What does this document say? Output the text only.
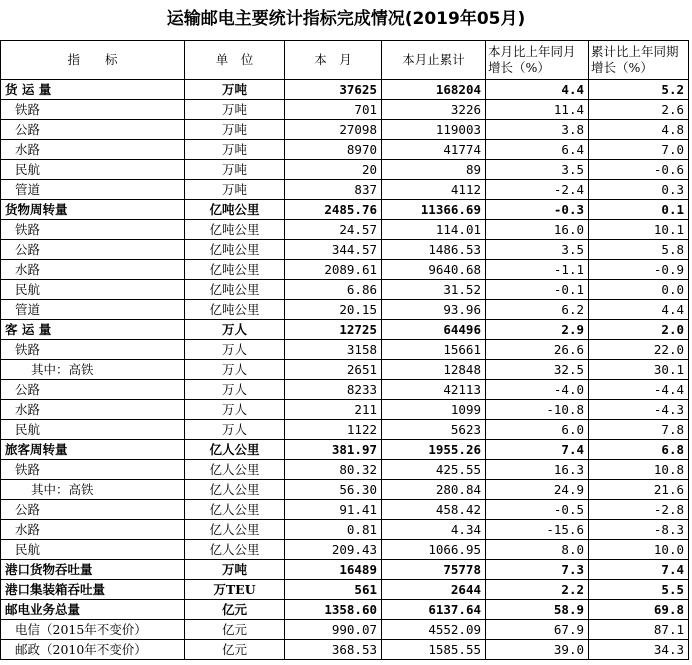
运输邮电主要统计指标完成情况(2019年05月)
指　　标	单　位	本　月	本月止累计	本月比上年同月增长（%）	累计比上年同期增长（%）
货 运 量	万吨	37625	168204	4.4	5.2
铁路	万吨	701	3226	11.4	2.6
公路	万吨	27098	119003	3.8	4.8
水路	万吨	8970	41774	6.4	7.0
民航	万吨	20	89	3.5	-0.6
管道	万吨	837	4112	-2.4	0.3
货物周转量	亿吨公里	2485.76	11366.69	-0.3	0.1
铁路	亿吨公里	24.57	114.01	16.0	10.1
公路	亿吨公里	344.57	1486.53	3.5	5.8
水路	亿吨公里	2089.61	9640.68	-1.1	-0.9
民航	亿吨公里	6.86	31.52	-0.1	0.0
管道	亿吨公里	20.15	93.96	6.2	4.4
客 运 量	万人	12725	64496	2.9	2.0
铁路	万人	3158	15661	26.6	22.0
其中：高铁	万人	2651	12848	32.5	30.1
公路	万人	8233	42113	-4.0	-4.4
水路	万人	211	1099	-10.8	-4.3
民航	万人	1122	5623	6.0	7.8
旅客周转量	亿人公里	381.97	1955.26	7.4	6.8
铁路	亿人公里	80.32	425.55	16.3	10.8
其中：高铁	亿人公里	56.30	280.84	24.9	21.6
公路	亿人公里	91.41	458.42	-0.5	-2.8
水路	亿人公里	0.81	4.34	-15.6	-8.3
民航	亿人公里	209.43	1066.95	8.0	10.0
港口货物吞吐量	万吨	16489	75778	7.3	7.4
港口集装箱吞吐量	万TEU	561	2644	2.2	5.5
邮电业务总量	亿元	1358.60	6137.64	58.9	69.8
电信（2015年不变价）	亿元	990.07	4552.09	67.9	87.1
邮政（2010年不变价）	亿元	368.53	1585.55	39.0	34.3
